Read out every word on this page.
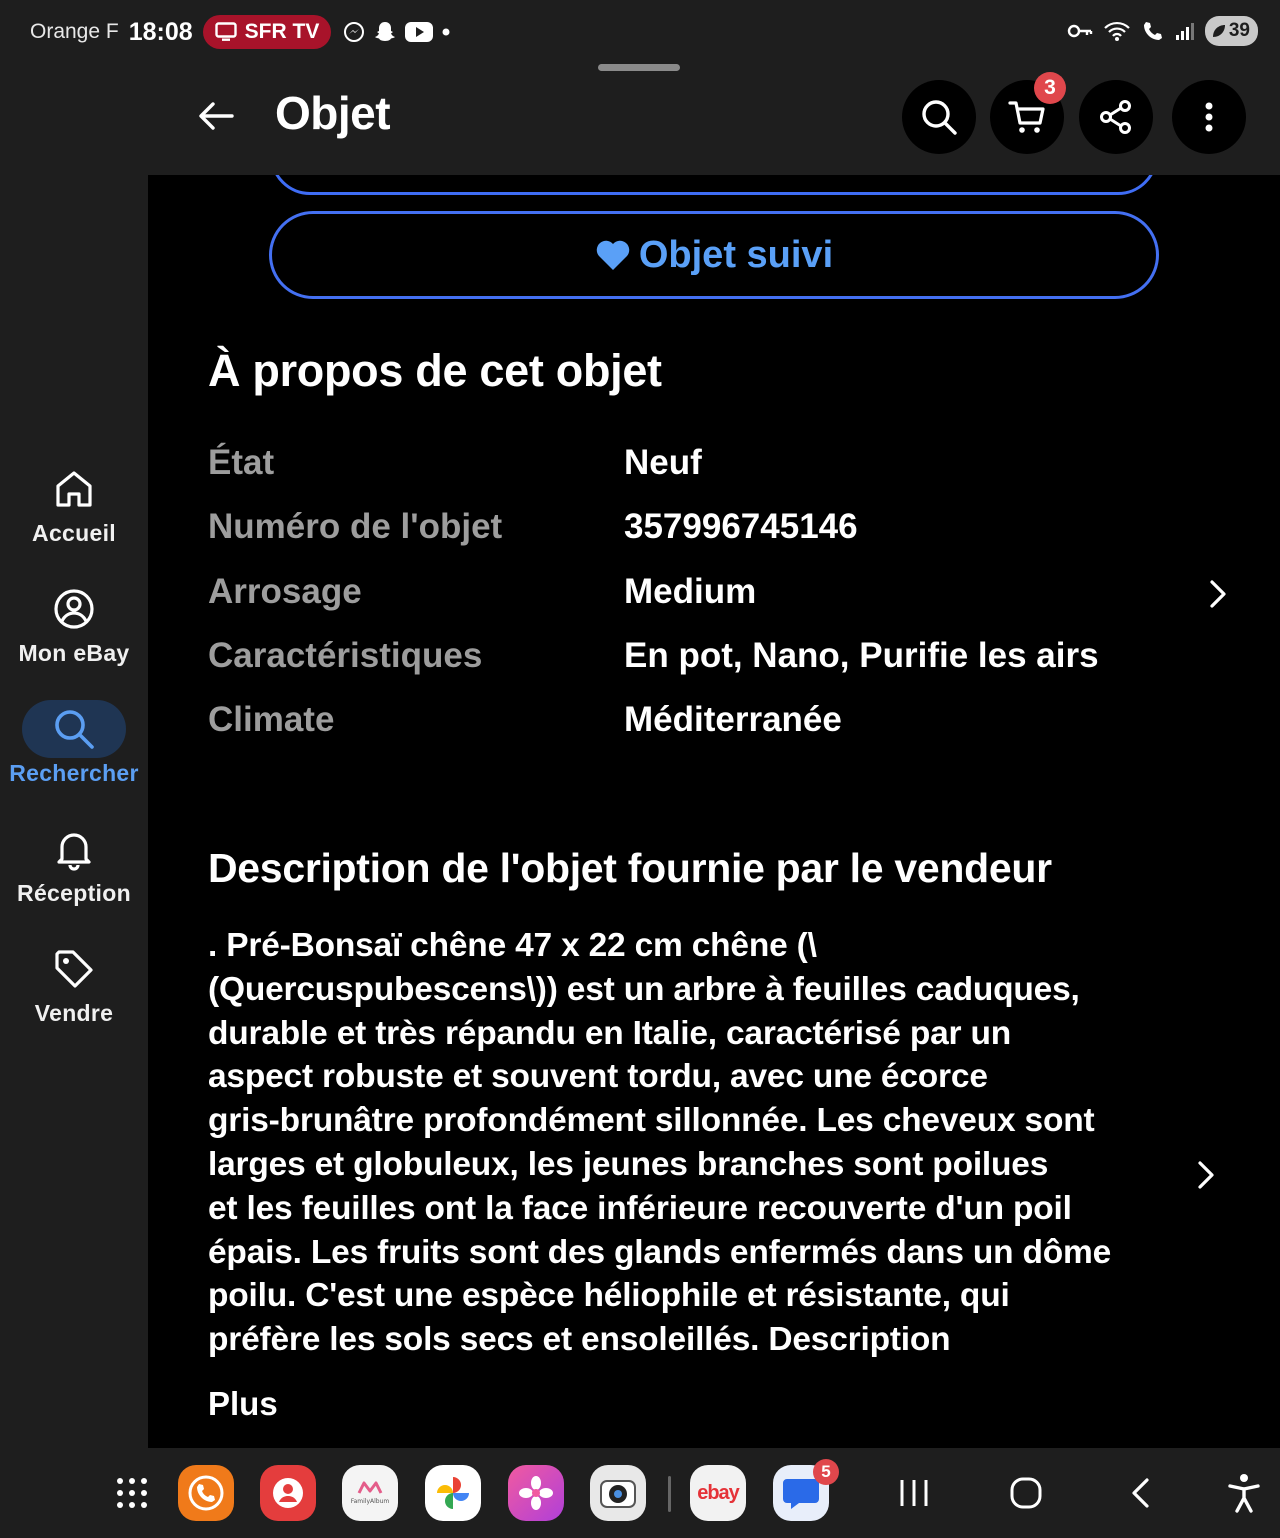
Orange F 18:08 SFR TV	39
Objet	3
Accueil
Mon eBay
Rechercher
Réception
Vendre
Objet suivi
À propos de cet objet
État	Neuf
Numéro de l'objet	357996745146
Arrosage	Medium
Caractéristiques	En pot, Nano, Purifie les airs
Climate	Méditerranée
Description de l'objet fournie par le vendeur
. Pré-Bonsaï chêne 47 x 22 cm chêne (\
(Quercuspubescens\)) est un arbre à feuilles caduques,
durable et très répandu en Italie, caractérisé par un
aspect robuste et souvent tordu, avec une écorce
gris-brunâtre profondément sillonnée. Les cheveux sont
larges et globuleux, les jeunes branches sont poilues
et les feuilles ont la face inférieure recouverte d'un poil
épais. Les fruits sont des glands enfermés dans un dôme
poilu. C'est une espèce héliophile et résistante, qui
préfère les sols secs et ensoleillés. Description
Plus
FamilyAlbum	ebay
5
